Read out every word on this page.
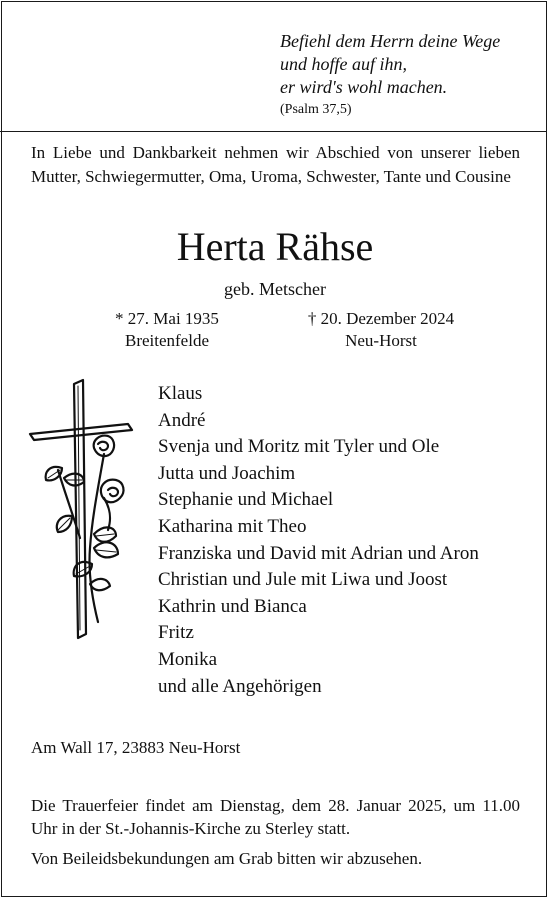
Befiehl dem Herrn deine Wege
und hoffe auf ihn,
er wird's wohl machen.
(Psalm 37,5)
In Liebe und Dankbarkeit nehmen wir Abschied von unserer lieben Mutter, Schwiegermutter, Oma, Uroma, Schwester, Tante und Cousine
Herta Rähse
geb. Metscher
* 27. Mai 1935
Breitenfelde
† 20. Dezember 2024
Neu-Horst
Klaus
André
Svenja und Moritz mit Tyler und Ole
Jutta und Joachim
Stephanie und Michael
Katharina mit Theo
Franziska und David mit Adrian und Aron
Christian und Jule mit Liwa und Joost
Kathrin und Bianca
Fritz
Monika
und alle Angehörigen
Am Wall 17, 23883 Neu-Horst
Die Trauerfeier findet am Dienstag, dem 28. Januar 2025, um 11.00 Uhr in der St.-Johannis-Kirche zu Sterley statt.
Von Beileidsbekundungen am Grab bitten wir abzusehen.
